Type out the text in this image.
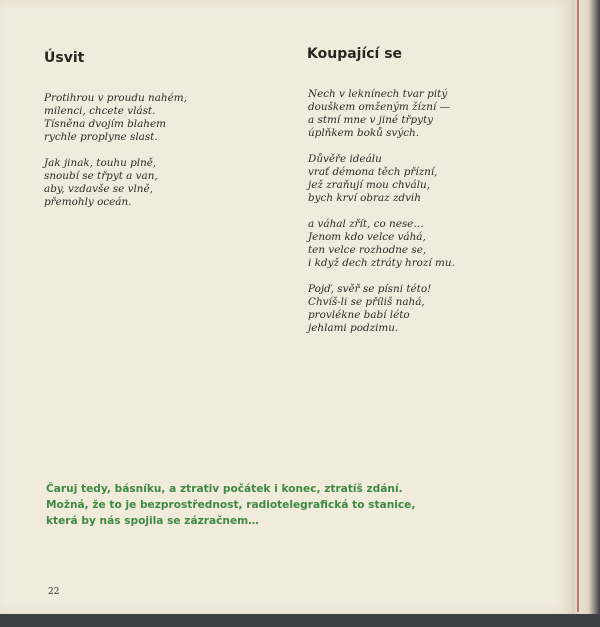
Úsvit
Protihrou v proudu nahém,
milenci, chcete vlást.
Tísněna dvojím blahem
rychle proplyne slast.
Jak jinak, touhu plně,
snoubí se třpyt a van,
aby, vzdavše se vlně,
přemohly oceán.
Koupající se
Nech v leknínech tvar pitý
douškem omženým žízní —
a stmí mne v jiné třpyty
úplňkem boků svých.
Důvěře ideálu
vrať démona těch přízní,
jež zraňují mou chválu,
bych krví obraz zdvih
a váhal zřít, co nese…
Jenom kdo velce váhá,
ten velce rozhodne se,
i když dech ztráty hrozí mu.
Pojď, svěř se písni této!
Chvíš-li se příliš nahá,
provlékne babí léto
jehlami podzimu.
Čaruj tedy, básníku, a ztrativ počátek i konec, ztratíš zdání.
Možná, že to je bezprostřednost, radiotelegrafická to stanice,
která by nás spojila se zázračnem…
22
